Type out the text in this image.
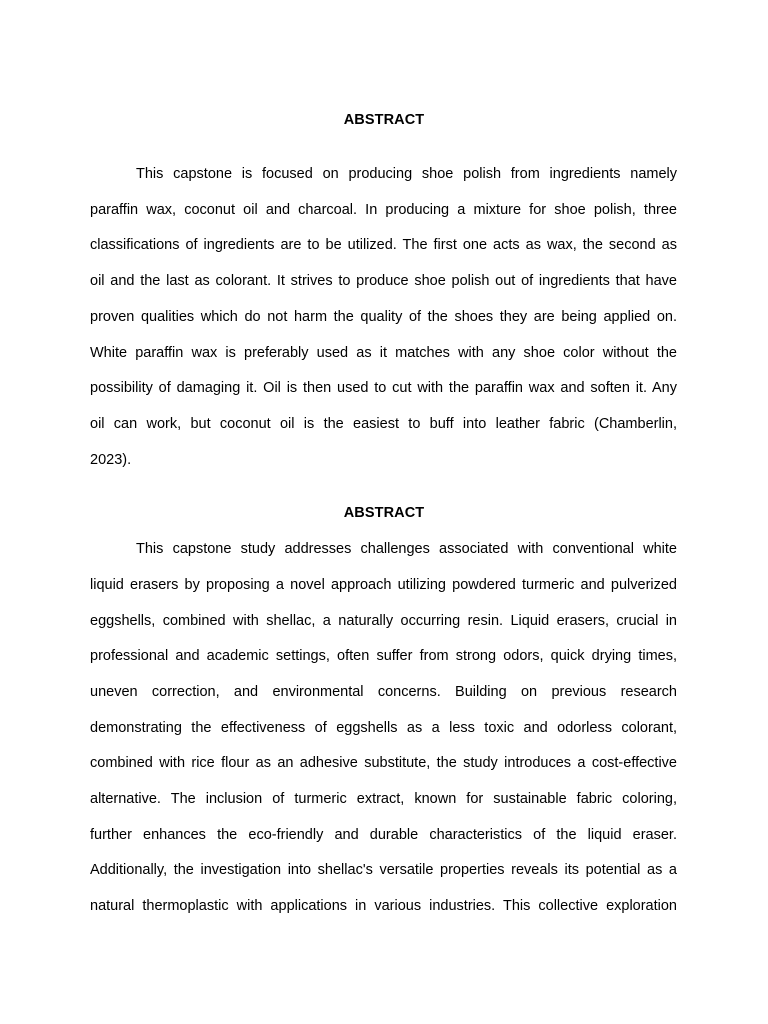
ABSTRACT
This capstone is focused on producing shoe polish from ingredients namely
paraffin wax, coconut oil and charcoal. In producing a mixture for shoe polish, three
classifications of ingredients are to be utilized. The first one acts as wax, the second as
oil and the last as colorant. It strives to produce shoe polish out of ingredients that have
proven qualities which do not harm the quality of the shoes they are being applied on.
White paraffin wax is preferably used as it matches with any shoe color without the
possibility of damaging it. Oil is then used to cut with the paraffin wax and soften it. Any
oil can work, but coconut oil is the easiest to buff into leather fabric (Chamberlin,
2023).
ABSTRACT
This capstone study addresses challenges associated with conventional white
liquid erasers by proposing a novel approach utilizing powdered turmeric and pulverized
eggshells, combined with shellac, a naturally occurring resin. Liquid erasers, crucial in
professional and academic settings, often suffer from strong odors, quick drying times,
uneven correction, and environmental concerns. Building on previous research
demonstrating the effectiveness of eggshells as a less toxic and odorless colorant,
combined with rice flour as an adhesive substitute, the study introduces a cost-effective
alternative. The inclusion of turmeric extract, known for sustainable fabric coloring,
further enhances the eco-friendly and durable characteristics of the liquid eraser.
Additionally, the investigation into shellac's versatile properties reveals its potential as a
natural thermoplastic with applications in various industries. This collective exploration
